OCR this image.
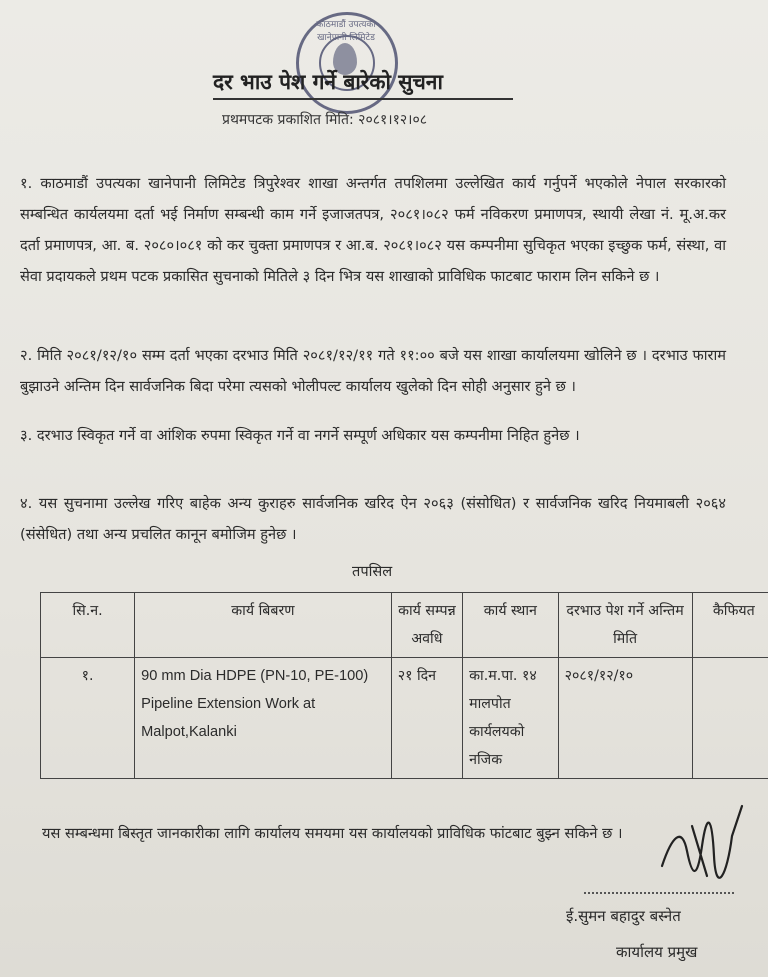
काठमाडौं उपत्यका खानेपानी लिमिटेड
दर भाउ पेश गर्ने बारेको सुचना
प्रथमपटक प्रकाशित मिति: २०८१।१२।०८
१. काठमाडौं उपत्यका खानेपानी लिमिटेड त्रिपुरेश्वर शाखा अन्तर्गत तपशिलमा उल्लेखित कार्य गर्नुपर्ने भएकोले नेपाल सरकारको सम्बन्धित कार्यलयमा दर्ता भई निर्माण सम्बन्धी काम गर्ने इजाजतपत्र, २०८१।०८२ फर्म नविकरण प्रमाणपत्र, स्थायी लेखा नं. मू.अ.कर दर्ता प्रमाणपत्र, आ. ब. २०८०।०८१ को कर चुक्ता प्रमाणपत्र र आ.ब. २०८१।०८२ यस कम्पनीमा सुचिकृत भएका इच्छुक फर्म, संस्था, वा सेवा प्रदायकले प्रथम पटक प्रकासित सुचनाको मितिले ३ दिन भित्र यस शाखाको प्राविधिक फाटबाट फाराम लिन सकिने छ ।
२. मिति २०८१/१२/१० सम्म दर्ता भएका दरभाउ मिति २०८१/१२/११ गते ११:०० बजे यस शाखा कार्यालयमा खोलिने छ । दरभाउ फाराम बुझाउने अन्तिम दिन सार्वजनिक बिदा परेमा त्यसको भोलीपल्ट कार्यालय खुलेको दिन सोही अनुसार हुने छ ।
३. दरभाउ स्विकृत गर्ने वा आंशिक रुपमा स्विकृत गर्ने वा नगर्ने सम्पूर्ण अधिकार यस कम्पनीमा निहित हुनेछ ।
४. यस सुचनामा उल्लेख गरिए बाहेक अन्य कुराहरु सार्वजनिक खरिद ऐन २०६३ (संसोधित) र सार्वजनिक खरिद नियमाबली २०६४ (संसेधित) तथा अन्य प्रचलित कानून बमोजिम हुनेछ ।
तपसिल
सि.न.	कार्य बिबरण	कार्य सम्पन्न अवधि	कार्य स्थान	दरभाउ पेश गर्ने अन्तिम मिति	कैफियत
१.	90 mm Dia HDPE (PN-10, PE-100) Pipeline Extension Work at Malpot,Kalanki	२१ दिन	का.म.पा. १४ मालपोत कार्यलयको नजिक	२०८१/१२/१०	
यस सम्बन्धमा बिस्तृत जानकारीका लागि कार्यालय समयमा यस कार्यालयको प्राविधिक फांटबाट बुझ्न सकिने छ ।
ई.सुमन बहादुर बस्नेत
कार्यालय प्रमुख
